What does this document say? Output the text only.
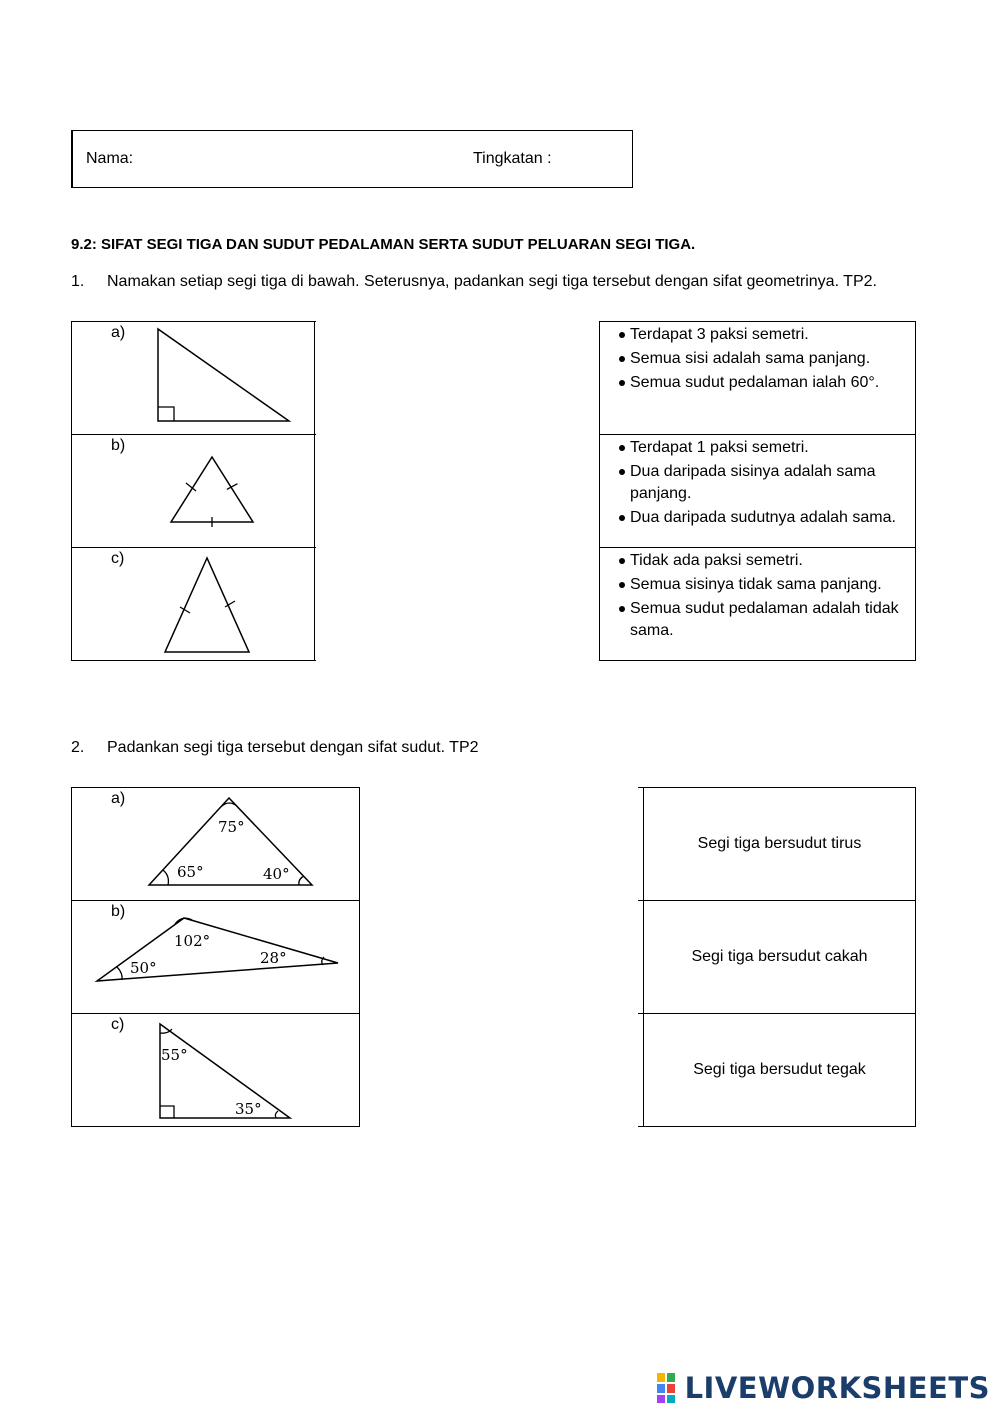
Nama:	Tingkatan :
9.2: SIFAT SEGI TIGA DAN SUDUT PEDALAMAN SERTA SUDUT PELUARAN SEGI TIGA.
1. Namakan setiap segi tiga di bawah. Seterusnya, padankan segi tiga tersebut dengan sifat geometrinya. TP2.
a)
b)
c)
Terdapat 3 paksi semetri.
Semua sisi adalah sama panjang.
Semua sudut pedalaman ialah 60°.
Terdapat 1 paksi semetri.
Dua daripada sisinya adalah sama panjang.
Dua daripada sudutnya adalah sama.
Tidak ada paksi semetri.
Semua sisinya tidak sama panjang.
Semua sudut pedalaman adalah tidak sama.
2. Padankan segi tiga tersebut dengan sifat sudut. TP2
a)
75°
65°	40°
b)
102°
50°
28°
c)
55°
35°
Segi tiga bersudut tirus
Segi tiga bersudut cakah
Segi tiga bersudut tegak
LIVEWORKSHEETS
